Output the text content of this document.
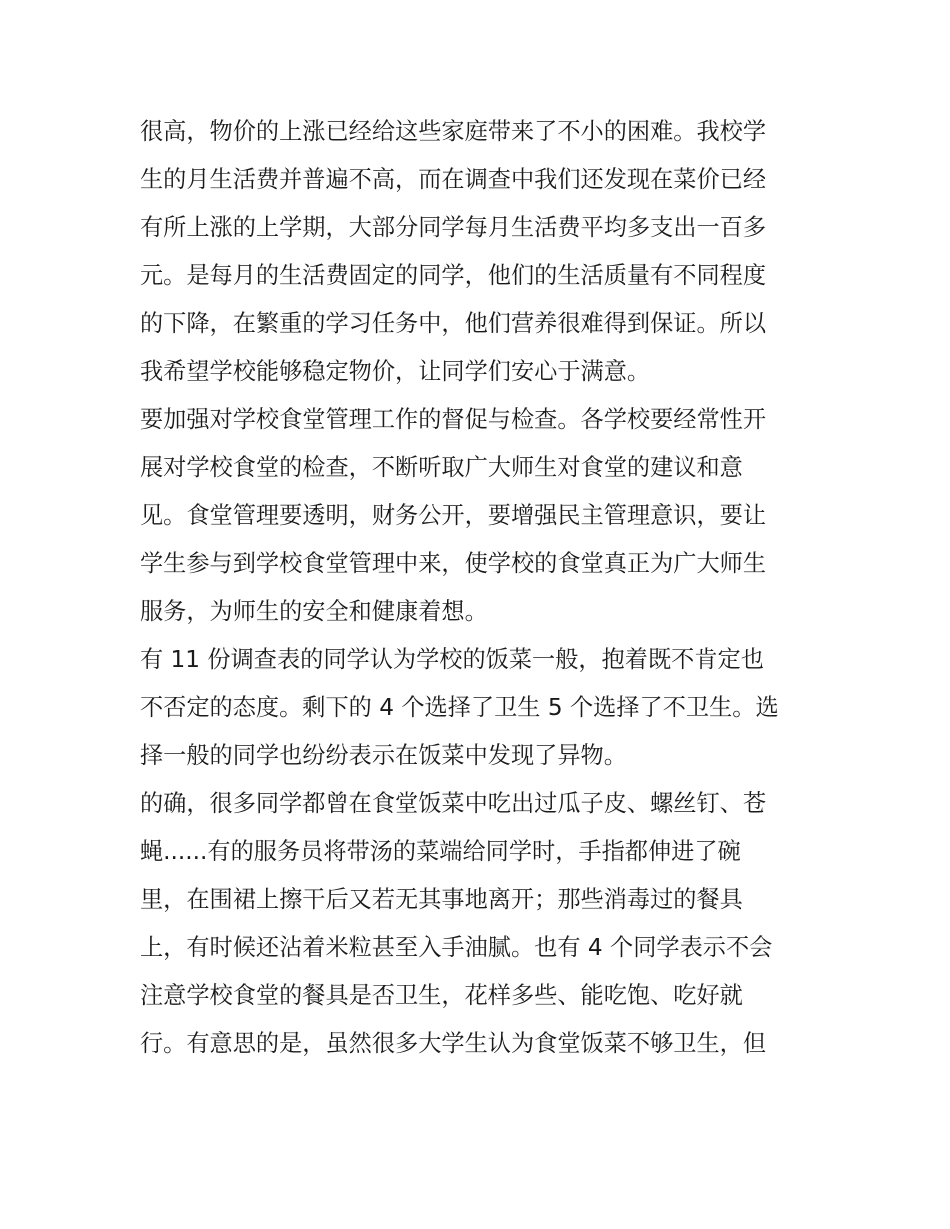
很高，物价的上涨已经给这些家庭带来了不小的困难。我校学
生的月生活费并普遍不高，而在调查中我们还发现在菜价已经
有所上涨的上学期，大部分同学每月生活费平均多支出一百多
元。是每月的生活费固定的同学，他们的生活质量有不同程度
的下降，在繁重的学习任务中，他们营养很难得到保证。所以
我希望学校能够稳定物价，让同学们安心于满意。
要加强对学校食堂管理工作的督促与检查。各学校要经常性开
展对学校食堂的检查，不断听取广大师生对食堂的建议和意
见。食堂管理要透明，财务公开，要增强民主管理意识，要让
学生参与到学校食堂管理中来，使学校的食堂真正为广大师生
服务，为师生的安全和健康着想。
有 11 份调查表的同学认为学校的饭菜一般，抱着既不肯定也
不否定的态度。剩下的 4 个选择了卫生 5 个选择了不卫生。选
择一般的同学也纷纷表示在饭菜中发现了异物。
的确，很多同学都曾在食堂饭菜中吃出过瓜子皮、螺丝钉、苍
蝇......有的服务员将带汤的菜端给同学时，手指都伸进了碗
里，在围裙上擦干后又若无其事地离开；那些消毒过的餐具
上，有时候还沾着米粒甚至入手油腻。也有 4 个同学表示不会
注意学校食堂的餐具是否卫生，花样多些、能吃饱、吃好就
行。有意思的是，虽然很多大学生认为食堂饭菜不够卫生，但
